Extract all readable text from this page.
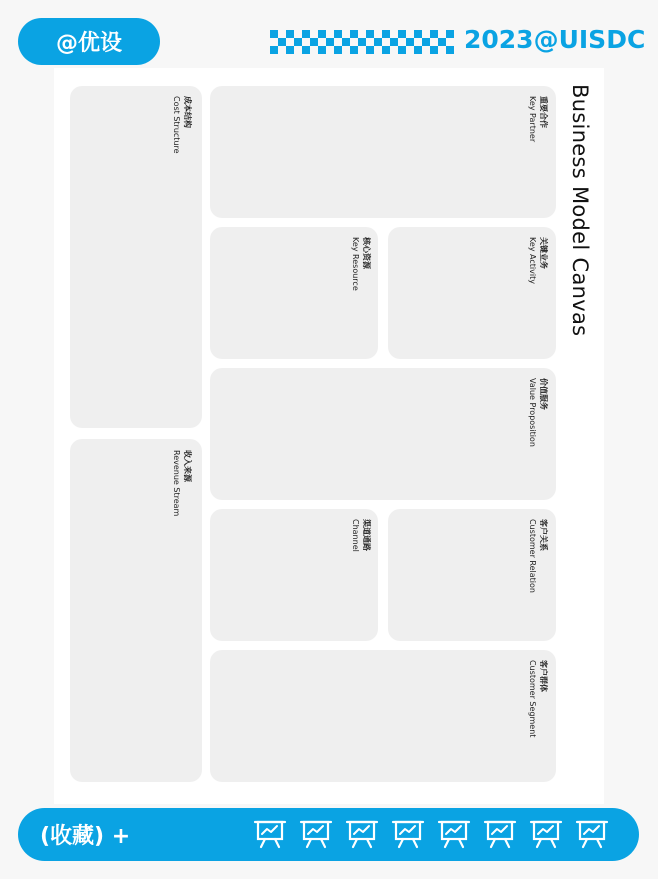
@优设	2023@UISDC
重要合作
Key Partner
关键业务
Key Activity
核心资源
Key Resource
价值服务
Value Proposition
客户关系
Customer Relation
渠道通路
Channel
客户群体
Customer Segment
成本结构
Cost Structure
收入来源
Revenue Stream
Business Model Canvas
(收藏) +
